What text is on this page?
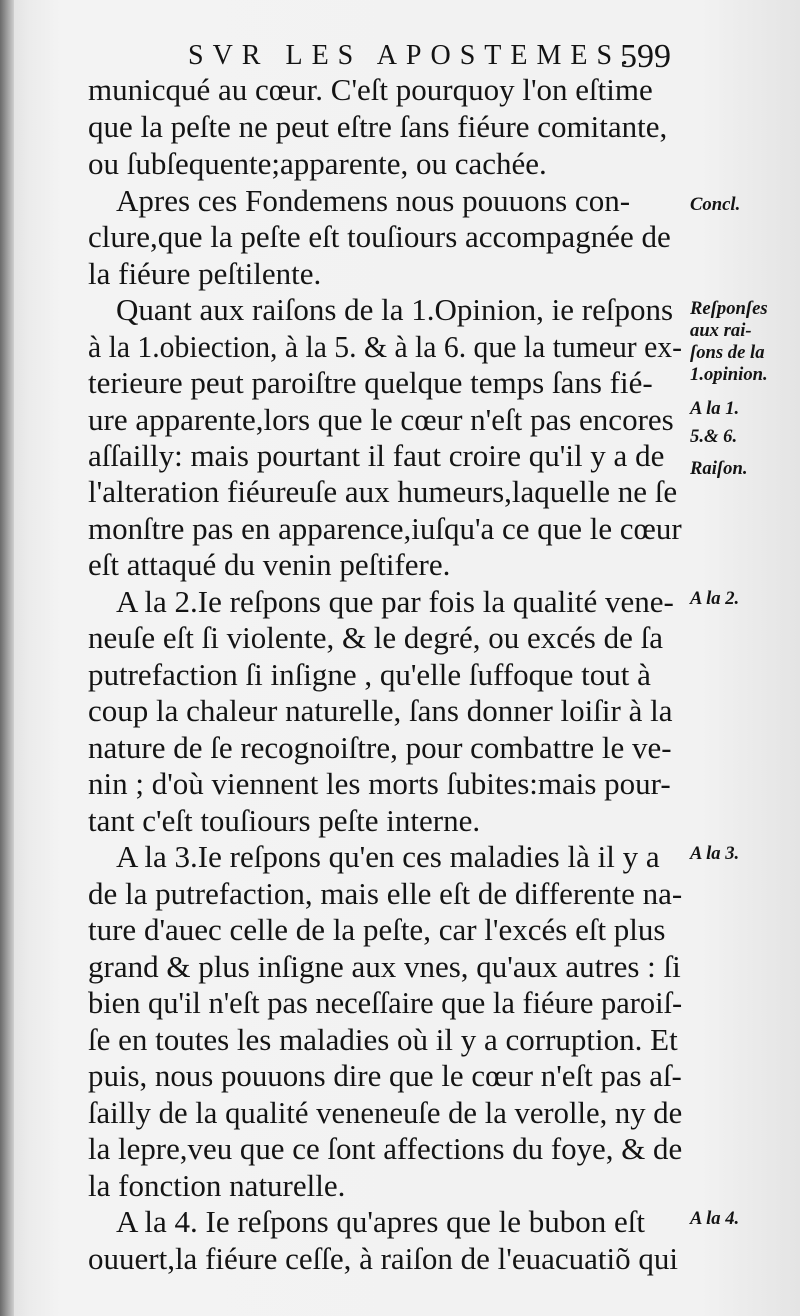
SVR LES APOSTEMES.
599
municqué au cœur. C'eſt pourquoy l'on eſtime
que la peſte ne peut eſtre ſans fiéure comitante,
ou ſubſequente;apparente, ou cachée.
Apres ces Fondemens nous pouuons con-
clure,que la peſte eſt touſiours accompagnée de
la fiéure peſtilente.
Quant aux raiſons de la 1.Opinion, ie reſpons
à la 1.obiection, à la 5. & à la 6. que la tumeur ex-
terieure peut paroiſtre quelque temps ſans fié-
ure apparente,lors que le cœur n'eſt pas encores
aſſailly: mais pourtant il faut croire qu'il y a de
l'alteration fiéureuſe aux humeurs,laquelle ne ſe
monſtre pas en apparence,iuſqu'a ce que le cœur
eſt attaqué du venin peſtifere.
A la 2.Ie reſpons que par fois la qualité vene-
neuſe eſt ſi violente, & le degré, ou excés de ſa
putrefaction ſi inſigne , qu'elle ſuffoque tout à
coup la chaleur naturelle, ſans donner loiſir à la
nature de ſe recognoiſtre, pour combattre le ve-
nin ; d'où viennent les morts ſubites:mais pour-
tant c'eſt touſiours peſte interne.
A la 3.Ie reſpons qu'en ces maladies là il y a
de la putrefaction, mais elle eſt de differente na-
ture d'auec celle de la peſte, car l'excés eſt plus
grand & plus inſigne aux vnes, qu'aux autres : ſi
bien qu'il n'eſt pas neceſſaire que la fiéure paroiſ-
ſe en toutes les maladies où il y a corruption. Et
puis, nous pouuons dire que le cœur n'eſt pas aſ-
ſailly de la qualité veneneuſe de la verolle, ny de
la lepre,veu que ce ſont affections du foye, & de
la fonction naturelle.
A la 4. Ie reſpons qu'apres que le bubon eſt
ouuert,la fiéure ceſſe, à raiſon de l'euacuatiõ qui
Concl.
Reſponſes
aux rai-
ſons de la
1.opinion.
A la 1.
5.& 6.
Raiſon.
A la 2.
A la 3.
A la 4.
